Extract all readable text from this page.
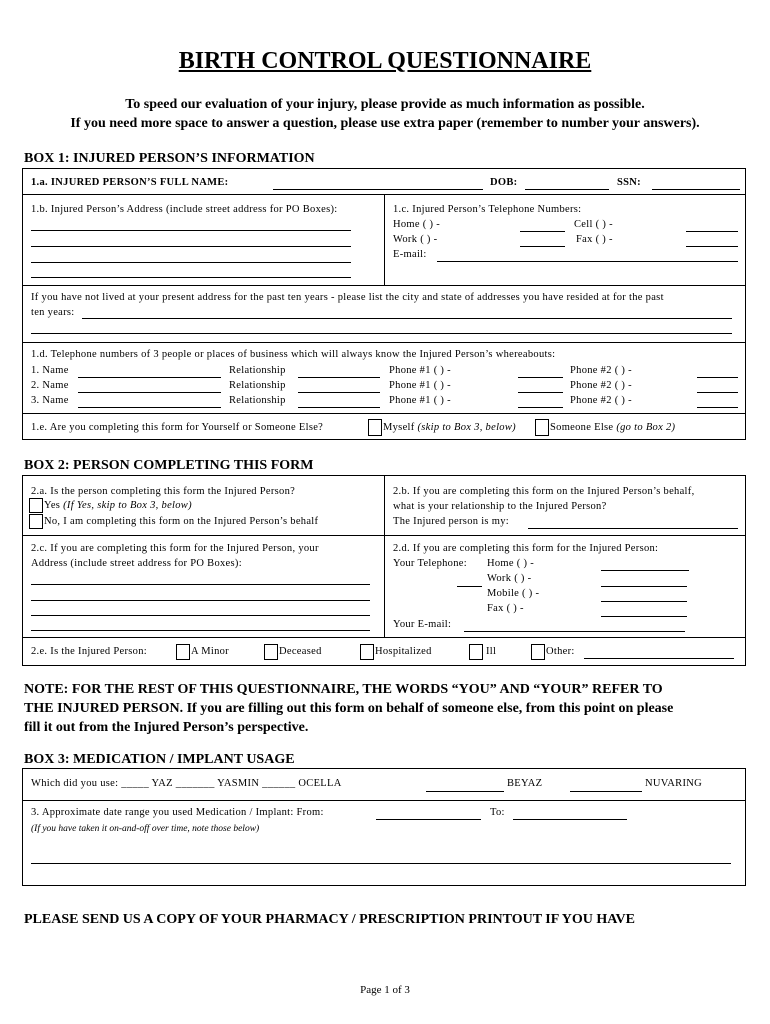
BIRTH CONTROL QUESTIONNAIRE
To speed our evaluation of your injury, please provide as much information as possible.
If you need more space to answer a question, please use extra paper (remember to number your answers).
BOX 1: INJURED PERSON’S INFORMATION
1.a. INJURED PERSON’S FULL NAME:	DOB:	SSN:
1.b. Injured Person’s Address (include street address for PO Boxes):	1.c. Injured Person’s Telephone Numbers:
Home ( ) -	Cell ( ) -
Work ( ) -	Fax ( ) -
E-mail:
If you have not lived at your present address for the past ten years - please list the city and state of addresses you have resided at for the past
ten years:
1.d. Telephone numbers of 3 people or places of business which will always know the Injured Person’s whereabouts:
1. Name	Relationship	Phone #1 ( ) -	Phone #2 ( ) -
2. Name	Relationship	Phone #1 ( ) -	Phone #2 ( ) -
3. Name	Relationship	Phone #1 ( ) -	Phone #2 ( ) -
1.e. Are you completing this form for Yourself or Someone Else?	Myself (skip to Box 3, below)	Someone Else (go to Box 2)
BOX 2: PERSON COMPLETING THIS FORM
2.a. Is the person completing this form the Injured Person?
Yes (If Yes, skip to Box 3, below)
No, I am completing this form on the Injured Person’s behalf
2.b. If you are completing this form on the Injured Person’s behalf,
what is your relationship to the Injured Person?
The Injured person is my:
2.c. If you are completing this form for the Injured Person, your
Address (include street address for PO Boxes):
2.d. If you are completing this form for the Injured Person:
Your Telephone: Home ( ) -
Work ( ) -
Mobile ( ) -
Fax ( ) -
Your E-mail:
2.e. Is the Injured Person:	A Minor	Deceased	Hospitalized	Ill	Other:
NOTE: FOR THE REST OF THIS QUESTIONNAIRE, THE WORDS “YOU” AND “YOUR” REFER TO
THE INJURED PERSON. If you are filling out this form on behalf of someone else, from this point on please
fill it out from the Injured Person’s perspective.
BOX 3: MEDICATION / IMPLANT USAGE
Which did you use: _____ YAZ _______ YASMIN ______ OCELLA	BEYAZ	NUVARING
3. Approximate date range you used Medication / Implant: From:	To:
(If you have taken it on-and-off over time, note those below)
PLEASE SEND US A COPY OF YOUR PHARMACY / PRESCRIPTION PRINTOUT IF YOU HAVE
Page 1 of 3
